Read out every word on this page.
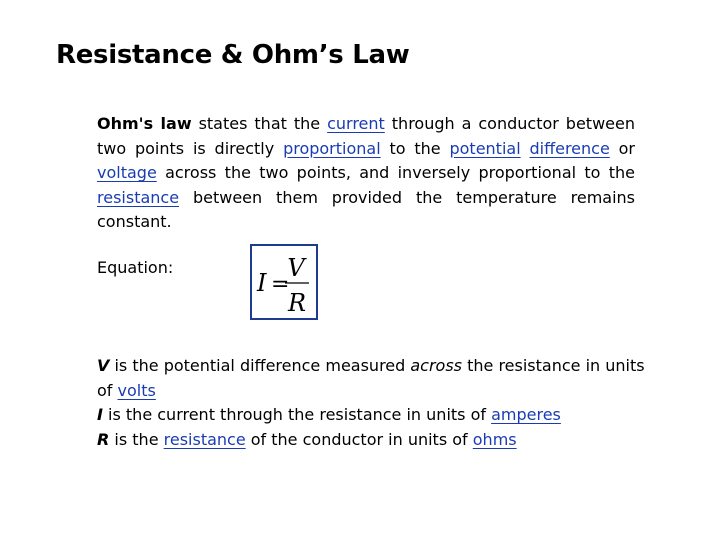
Resistance & Ohm’s Law
Ohm's law states that the current through a conductor between two points is directly proportional to the potential difference or voltage across the two points, and inversely proportional to the resistance between them provided the temperature remains constant.
Equation:
I =
V
R
V is the potential difference measured across the resistance in units of volts
I is the current through the resistance in units of amperes
R is the resistance of the conductor in units of ohms
